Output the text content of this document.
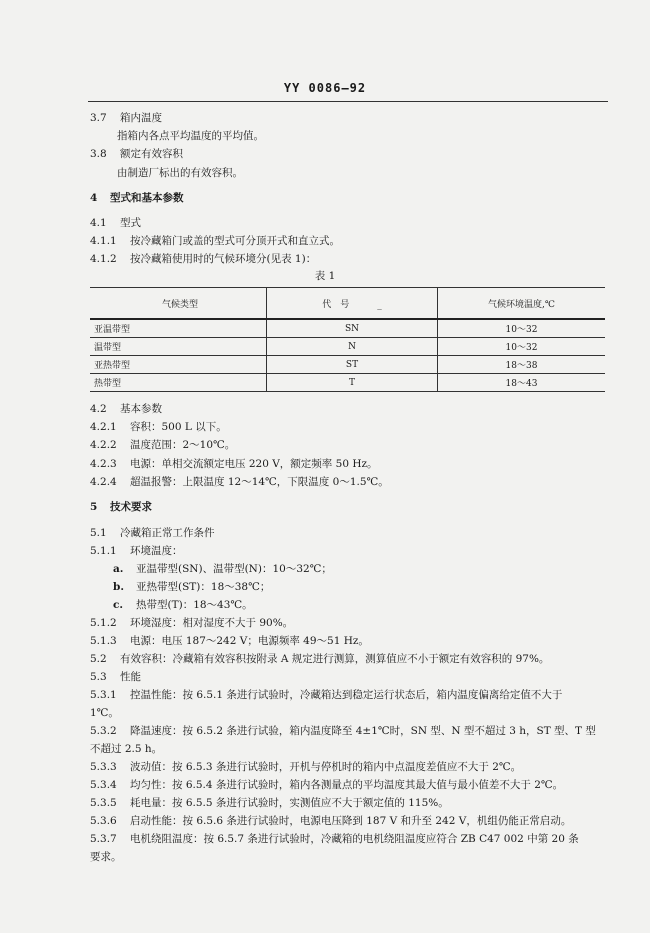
YY 0086—92
3.7 箱内温度
指箱内各点平均温度的平均值。
3.8 额定有效容积
由制造厂标出的有效容积。
4 型式和基本参数
4.1 型式
4.1.1 按冷藏箱门或盖的型式可分顶开式和直立式。
4.1.2 按冷藏箱使用时的气候环境分(见表 1)：
表 1
气候类型	代　号 _	气候环境温度,℃
亚温带型	SN	10～32
温带型	N	10～32
亚热带型	ST	18～38
热带型	T	18～43
4.2 基本参数
4.2.1 容积：500 L 以下。
4.2.2 温度范围：2～10℃。
4.2.3 电源：单相交流额定电压 220 V，额定频率 50 Hz。
4.2.4 超温报警：上限温度 12～14℃，下限温度 0～1.5℃。
5 技术要求
5.1 冷藏箱正常工作条件
5.1.1 环境温度：
a. 亚温带型(SN)、温带型(N)：10～32℃；
b. 亚热带型(ST)：18～38℃；
c. 热带型(T)：18～43℃。
5.1.2 环境湿度：相对湿度不大于 90%。
5.1.3 电源：电压 187～242 V；电源频率 49～51 Hz。
5.2 有效容积：冷藏箱有效容积按附录 A 规定进行测算，测算值应不小于额定有效容积的 97%。
5.3 性能
5.3.1 控温性能：按 6.5.1 条进行试验时，冷藏箱达到稳定运行状态后，箱内温度偏离给定值不大于
1℃。
5.3.2 降温速度：按 6.5.2 条进行试验，箱内温度降至 4±1℃时，SN 型、N 型不超过 3 h，ST 型、T 型
不超过 2.5 h。
5.3.3 波动值：按 6.5.3 条进行试验时，开机与停机时的箱内中点温度差值应不大于 2℃。
5.3.4 均匀性：按 6.5.4 条进行试验时，箱内各测量点的平均温度其最大值与最小值差不大于 2℃。
5.3.5 耗电量：按 6.5.5 条进行试验时，实测值应不大于额定值的 115%。
5.3.6 启动性能：按 6.5.6 条进行试验时，电源电压降到 187 V 和升至 242 V，机组仍能正常启动。
5.3.7 电机绕阻温度：按 6.5.7 条进行试验时，冷藏箱的电机绕阻温度应符合 ZB C47 002 中第 20 条
要求。
